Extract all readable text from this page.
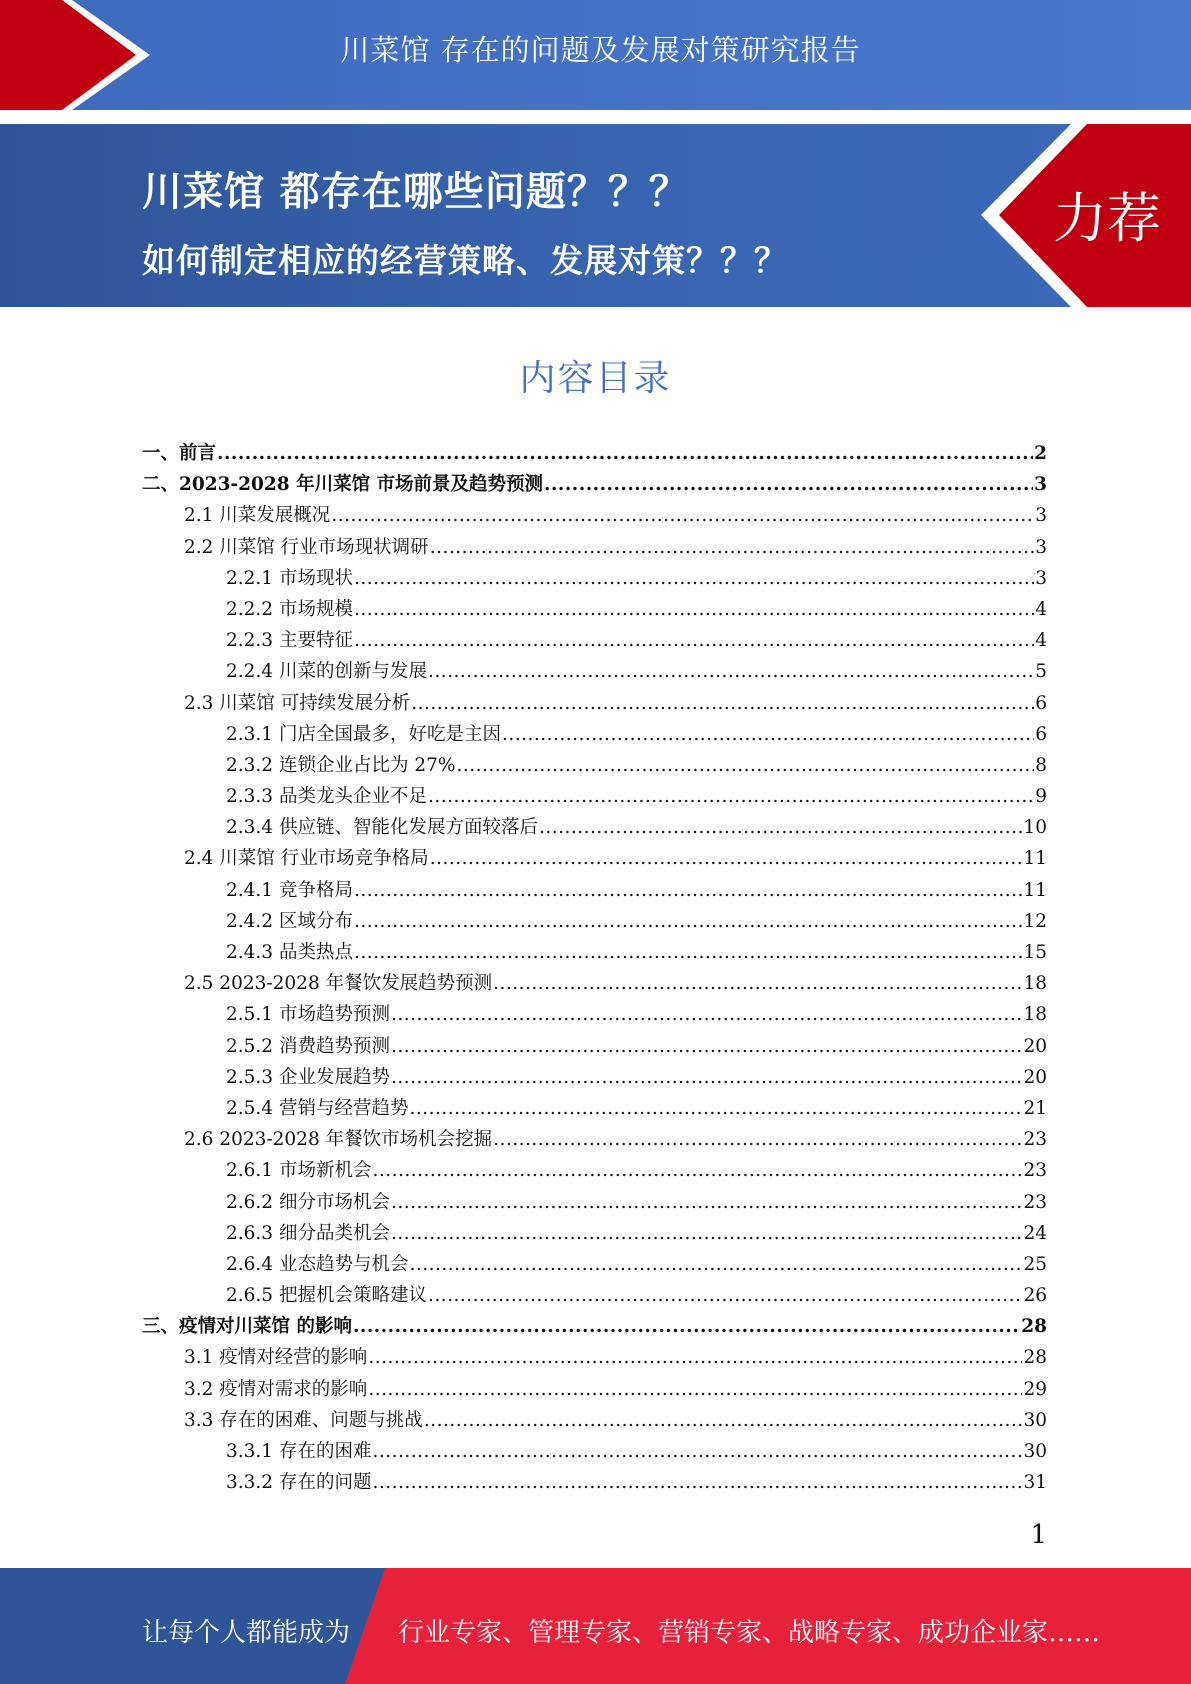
川菜馆 存在的问题及发展对策研究报告
川菜馆 都存在哪些问题？？？
如何制定相应的经营策略、发展对策？？？
力荐
内容目录
一、前言 .....	2
二、2023-2028 年川菜馆 市场前景及趋势预测 .....	3
2.1 川菜发展概况 .....	3
2.2 川菜馆 行业市场现状调研 .....	3
2.2.1 市场现状 .....	3
2.2.2 市场规模 .....	4
2.2.3 主要特征 .....	4
2.2.4 川菜的创新与发展 .....	5
2.3 川菜馆 可持续发展分析 .....	6
2.3.1 门店全国最多，好吃是主因 .....	6
2.3.2 连锁企业占比为 27% .....	8
2.3.3 品类龙头企业不足 .....	9
2.3.4 供应链、智能化发展方面较落后 .....	10
2.4 川菜馆 行业市场竞争格局 .....	11
2.4.1 竞争格局 .....	11
2.4.2 区域分布 .....	12
2.4.3 品类热点 .....	15
2.5 2023-2028 年餐饮发展趋势预测 .....	18
2.5.1 市场趋势预测 .....	18
2.5.2 消费趋势预测 .....	20
2.5.3 企业发展趋势 .....	20
2.5.4 营销与经营趋势 .....	21
2.6 2023-2028 年餐饮市场机会挖掘 .....	23
2.6.1 市场新机会 .....	23
2.6.2 细分市场机会 .....	23
2.6.3 细分品类机会 .....	24
2.6.4 业态趋势与机会 .....	25
2.6.5 把握机会策略建议 .....	26
三、疫情对川菜馆 的影响 .....	28
3.1 疫情对经营的影响 .....	28
3.2 疫情对需求的影响 .....	29
3.3 存在的困难、问题与挑战 .....	30
3.3.1 存在的困难 .....	30
3.3.2 存在的问题 .....	31
1
让每个人都能成为 行业专家、管理专家、营销专家、战略专家、成功企业家……
